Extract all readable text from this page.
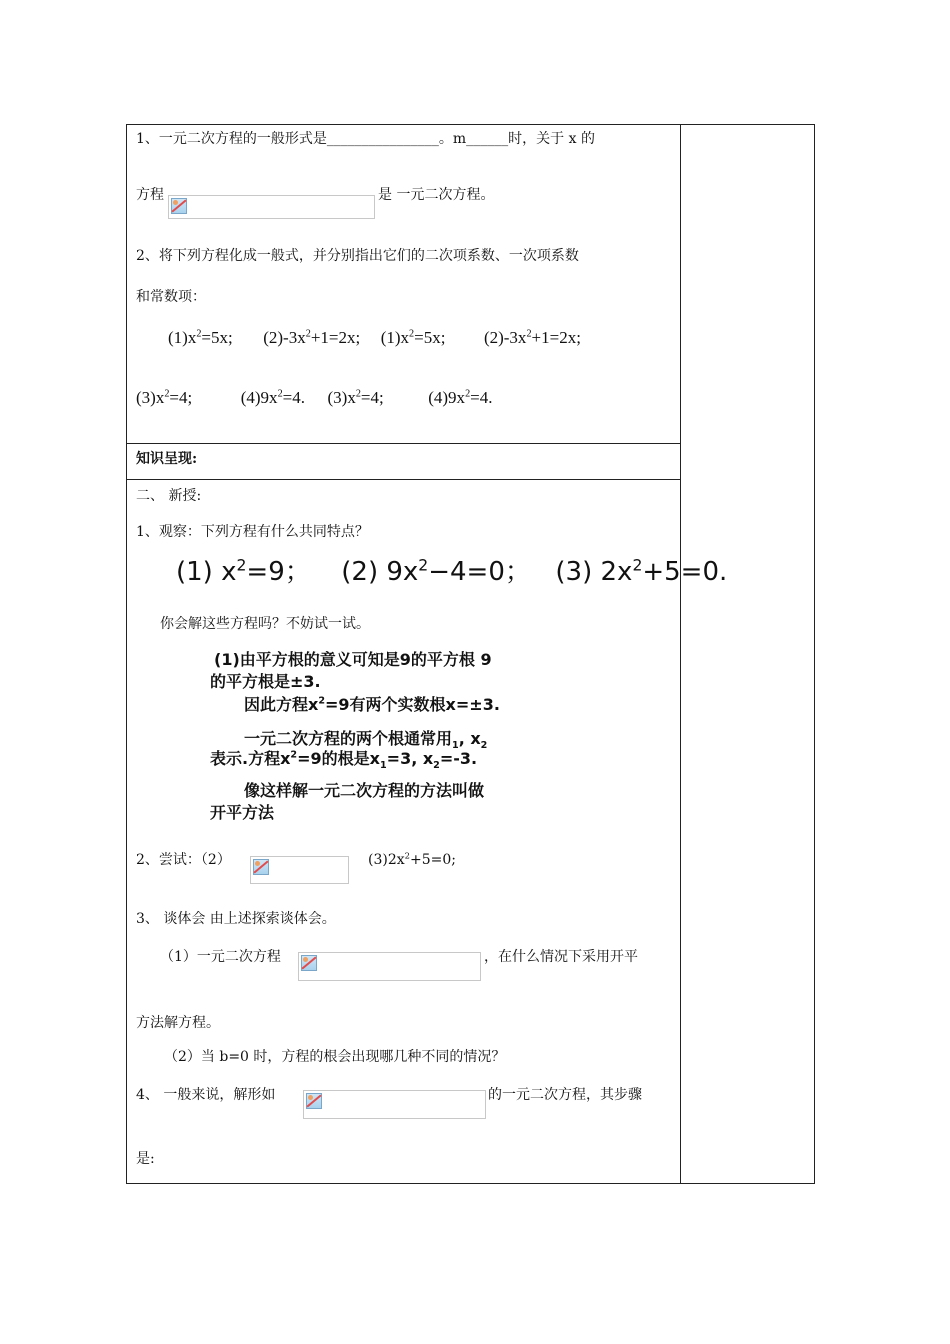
1、一元二次方程的一般形式是________________。m______时，关于 x 的
方程	是 一元二次方程。
2、将下列方程化成一般式，并分别指出它们的二次项系数、一次项系数
和常数项：
$(1)x^2=5x$; $(2)-3x^2+1=2x$; $(1)x^2=5x$; $(2)-3x^2+1=2x$;
$(3)x^2=4$;	$(4)9x^2=4$. $(3)x^2=4$;	$(4)9x^2=4$.
知识呈现:
二、 新授:
1、观察：下列方程有什么共同特点？
(1) $x^2=9$； (2) $9x^2-4=0$； (3) $2x^2+5=0$.
你会解这些方程吗？不妨试一试。
(1)由平方根的意义可知是9的平方根 9
的平方根是±3.
因此方程$x^2=9$有两个实数根x=±3.
一元二次方程的两个根通常用$_1$, $x_2$
表示.方程$x^2=9$的根是$x_1=3$, $x_2=-3$.
像这样解一元二次方程的方法叫做
开平方法
2、尝试：（2）	$(3)2x^2+5=0$;
3、 谈体会 由上述探索谈体会。
（1）一元二次方程	，在什么情况下采用开平
方法解方程。
（2）当 b=0 时，方程的根会出现哪几种不同的情况？
4、 一般来说，解形如	的一元二次方程，其步骤
是:
